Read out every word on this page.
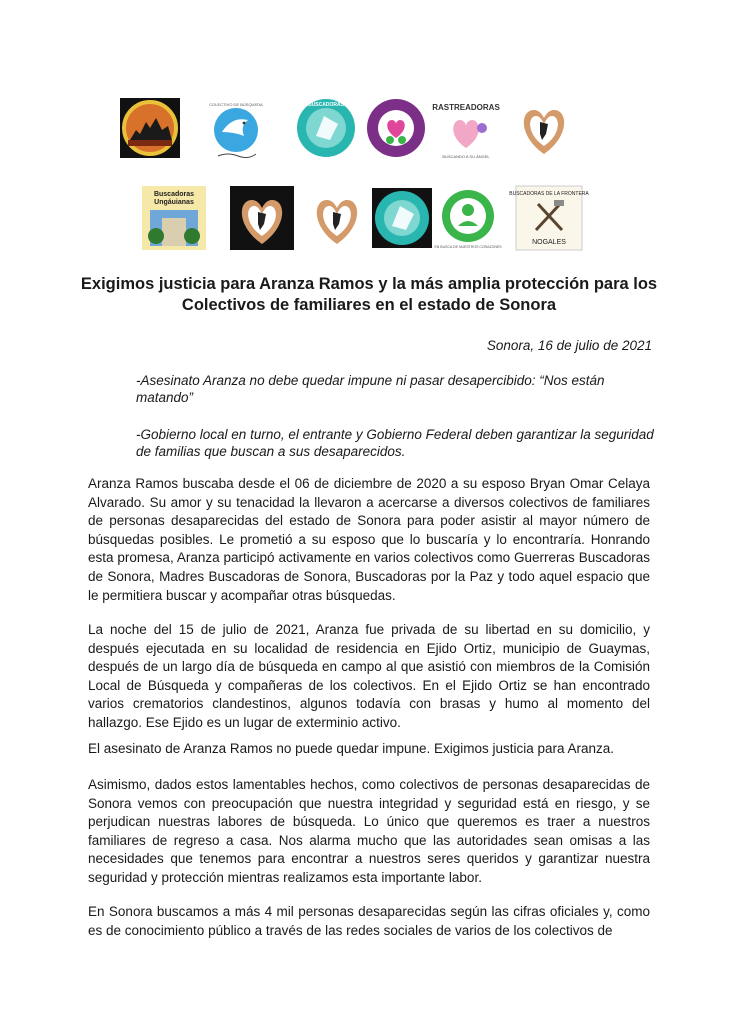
COLECTIVO DE BÚSQUEDA	BUSCADORAS	RASTREADORAS
BUSCANDO A SU ÁNGEL
Buscadoras
Ungáuianas
EN BUSCA DE NUESTROS CORAZONES
BUSCADORAS DE LA FRONTERA
NOGALES
Exigimos justicia para Aranza Ramos y la más amplia protección para los Colectivos de familiares en el estado de Sonora

Sonora, 16 de julio de 2021

-Asesinato Aranza no debe quedar impune ni pasar desapercibido: “Nos están matando”

-Gobierno local en turno, el entrante y Gobierno Federal deben garantizar la seguridad de familias que buscan a sus desaparecidos.

Aranza Ramos buscaba desde el 06 de diciembre de 2020 a su esposo Bryan Omar Celaya Alvarado. Su amor y su tenacidad la llevaron a acercarse a diversos colectivos de familiares de personas desaparecidas del estado de Sonora para poder asistir al mayor número de búsquedas posibles. Le prometió a su esposo que lo buscaría y lo encontraría. Honrando esta promesa, Aranza participó activamente en varios colectivos como Guerreras Buscadoras de Sonora, Madres Buscadoras de Sonora, Buscadoras por la Paz y todo aquel espacio que le permitiera buscar y acompañar otras búsquedas.

La noche del 15 de julio de 2021, Aranza fue privada de su libertad en su domicilio, y después ejecutada en su localidad de residencia en Ejido Ortiz, municipio de Guaymas, después de un largo día de búsqueda en campo al que asistió con miembros de la Comisión Local de Búsqueda y compañeras de los colectivos. En el Ejido Ortiz se han encontrado varios crematorios clandestinos, algunos todavía con brasas y humo al momento del hallazgo. Ese Ejido es un lugar de exterminio activo.

El asesinato de Aranza Ramos no puede quedar impune. Exigimos justicia para Aranza.

Asimismo, dados estos lamentables hechos, como colectivos de personas desaparecidas de Sonora vemos con preocupación que nuestra integridad y seguridad está en riesgo, y se perjudican nuestras labores de búsqueda. Lo único que queremos es traer a nuestros familiares de regreso a casa. Nos alarma mucho que las autoridades sean omisas a las necesidades que tenemos para encontrar a nuestros seres queridos y garantizar nuestra seguridad y protección mientras realizamos esta importante labor.

En Sonora buscamos a más 4 mil personas desaparecidas según las cifras oficiales y, como es de conocimiento público a través de las redes sociales de varios de los colectivos de
